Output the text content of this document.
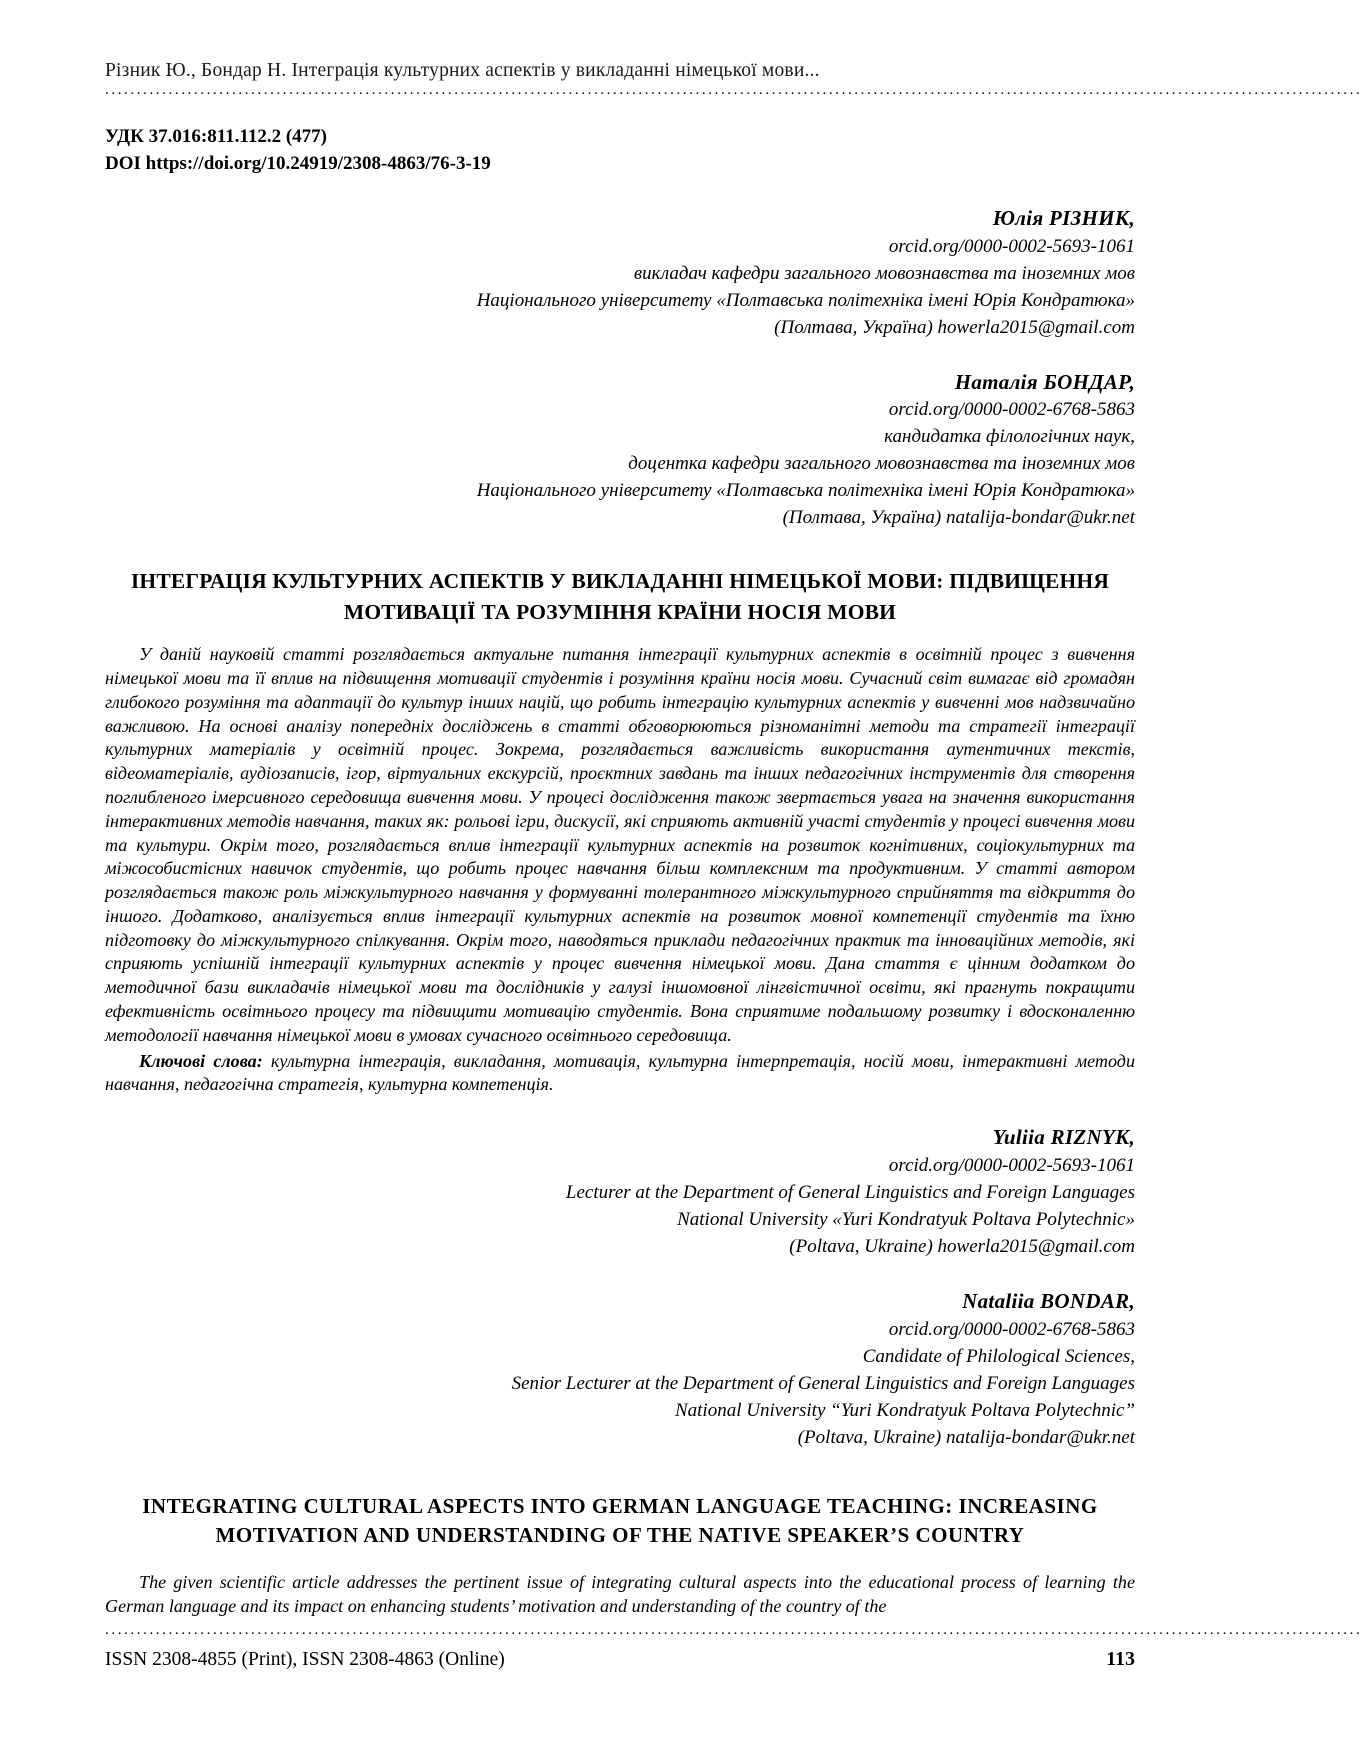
Різник Ю., Бондар Н. Інтеграція культурних аспектів у викладанні німецької мови...
......................................................................................................................................................................................................
УДК 37.016:811.112.2 (477)
DOI https://doi.org/10.24919/2308-4863/76-3-19
Юлія РІЗНИК,
orcid.org/0000-0002-5693-1061
викладач кафедри загального мовознавства та іноземних мов
Національного університету «Полтавська політехніка імені Юрія Кондратюка»
(Полтава, Україна) howerla2015@gmail.com
Наталія БОНДАР,
orcid.org/0000-0002-6768-5863
кандидатка філологічних наук,
доцентка кафедри загального мовознавства та іноземних мов
Національного університету «Полтавська політехніка імені Юрія Кондратюка»
(Полтава, Україна) natalija-bondar@ukr.net
ІНТЕГРАЦІЯ КУЛЬТУРНИХ АСПЕКТІВ У ВИКЛАДАННІ НІМЕЦЬКОЇ МОВИ: ПІДВИЩЕННЯ МОТИВАЦІЇ ТА РОЗУМІННЯ КРАЇНИ НОСІЯ МОВИ
У даній науковій статті розглядається актуальне питання інтеграції культурних аспектів в освітній процес з вивчення німецької мови та її вплив на підвищення мотивації студентів і розуміння країни носія мови. Сучасний світ вимагає від громадян глибокого розуміння та адаптації до культур інших націй, що робить інтеграцію культурних аспектів у вивченні мов надзвичайно важливою. На основі аналізу попередніх досліджень в статті обговорюються різноманітні методи та стратегії інтеграції культурних матеріалів у освітній процес. Зокрема, розглядається важливість використання аутентичних текстів, відеоматеріалів, аудіозаписів, ігор, віртуальних екскурсій, проєктних завдань та інших педагогічних інструментів для створення поглибленого імерсивного середовища вивчення мови. У процесі дослідження також звертається увага на значення використання інтерактивних методів навчання, таких як: рольові ігри, дискусії, які сприяють активній участі студентів у процесі вивчення мови та культури. Окрім того, розглядається вплив інтеграції культурних аспектів на розвиток когнітивних, соціокультурних та міжособистісних навичок студентів, що робить процес навчання більш комплексним та продуктивним. У статті автором розглядається також роль міжкультурного навчання у формуванні толерантного міжкультурного сприйняття та відкриття до іншого. Додатково, аналізується вплив інтеграції культурних аспектів на розвиток мовної компетенції студентів та їхню підготовку до міжкультурного спілкування. Окрім того, наводяться приклади педагогічних практик та інноваційних методів, які сприяють успішній інтеграції культурних аспектів у процес вивчення німецької мови. Дана стаття є цінним додатком до методичної бази викладачів німецької мови та дослідників у галузі іншомовної лінгвістичної освіти, які прагнуть покращити ефективність освітнього процесу та підвищити мотивацію студентів. Вона сприятиме подальшому розвитку і вдосконаленню методології навчання німецької мови в умовах сучасного освітнього середовища.
Ключові слова: культурна інтеграція, викладання, мотивація, культурна інтерпретація, носій мови, інтерактивні методи навчання, педагогічна стратегія, культурна компетенція.
Yuliia RIZNYK,
orcid.org/0000-0002-5693-1061
Lecturer at the Department of General Linguistics and Foreign Languages
National University «Yuri Kondratyuk Poltava Polytechnic»
(Poltava, Ukraine) howerla2015@gmail.com
Nataliia BONDAR,
orcid.org/0000-0002-6768-5863
Candidate of Philological Sciences,
Senior Lecturer at the Department of General Linguistics and Foreign Languages
National University “Yuri Kondratyuk Poltava Polytechnic”
(Poltava, Ukraine) natalija-bondar@ukr.net
INTEGRATING CULTURAL ASPECTS INTO GERMAN LANGUAGE TEACHING: INCREASING MOTIVATION AND UNDERSTANDING OF THE NATIVE SPEAKER’S COUNTRY
The given scientific article addresses the pertinent issue of integrating cultural aspects into the educational process of learning the German language and its impact on enhancing students’ motivation and understanding of the country of the
......................................................................................................................................................................................................
ISSN 2308-4855 (Print), ISSN 2308-4863 (Online)	113
